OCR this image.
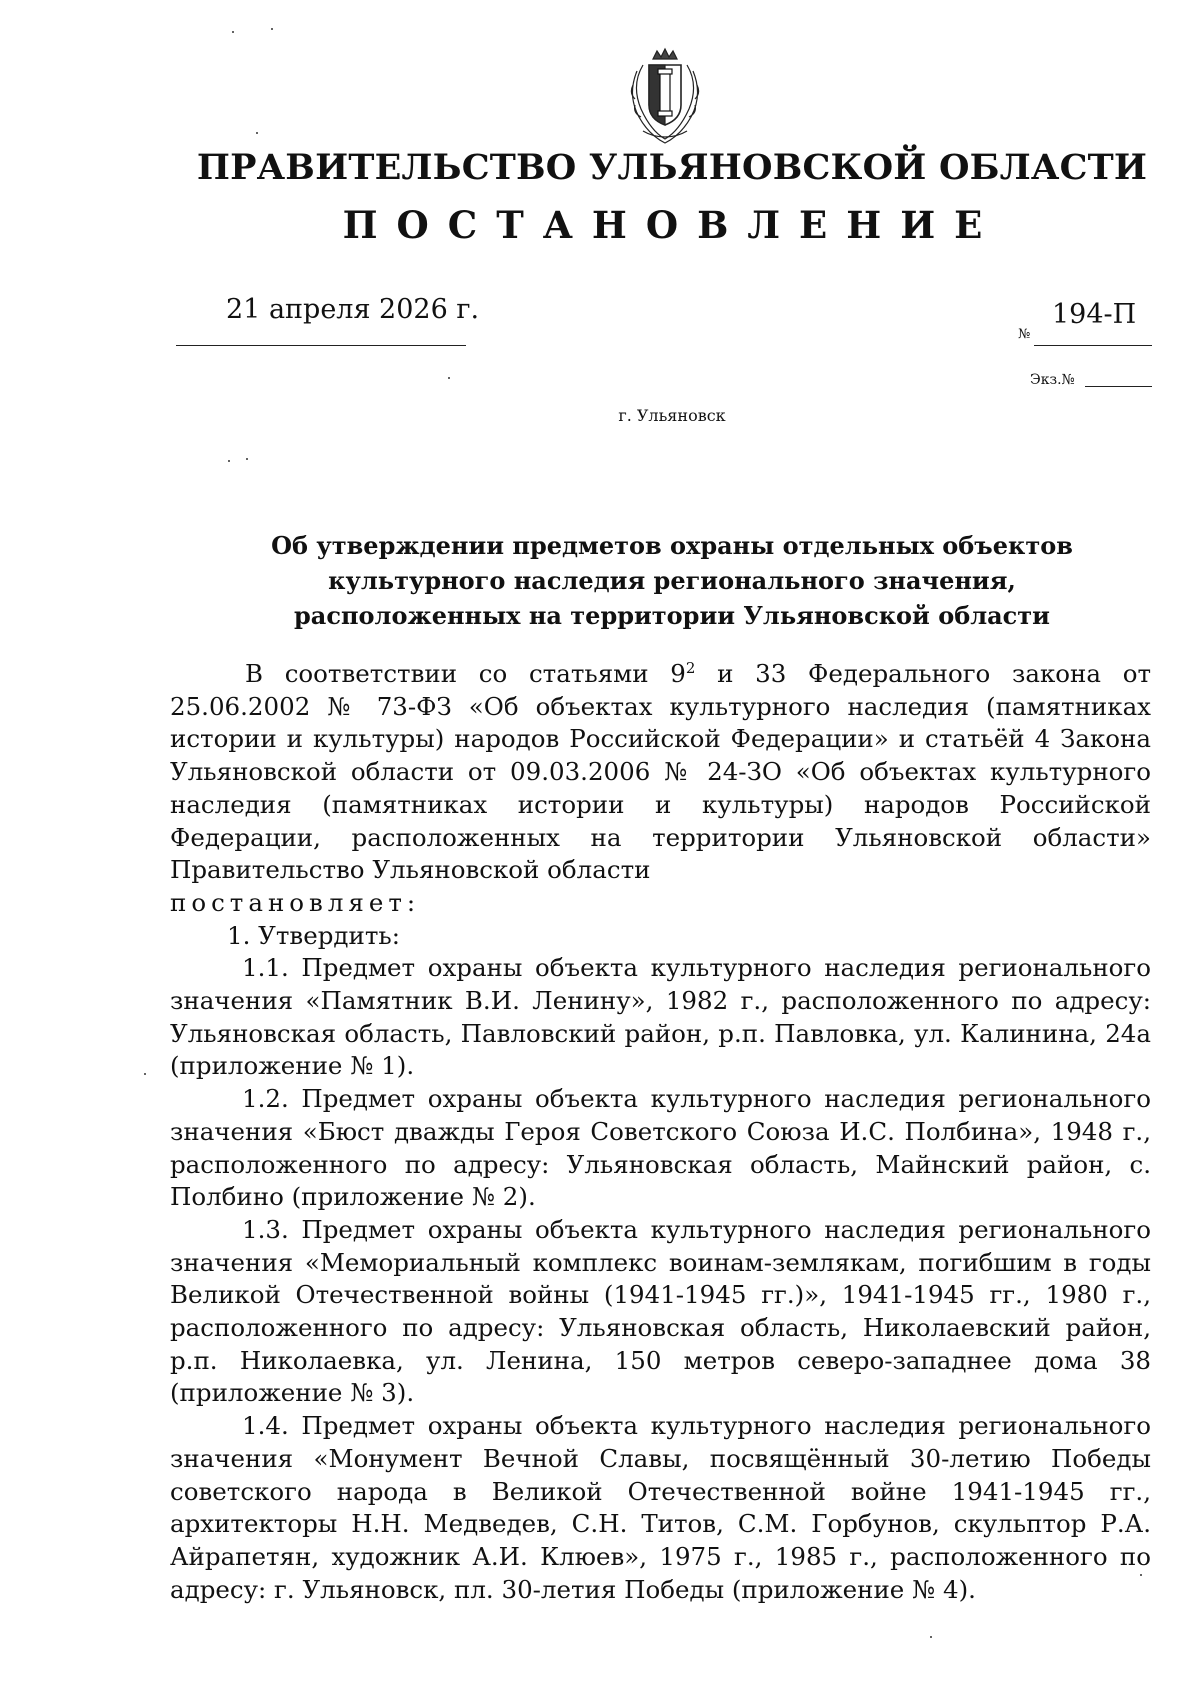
ПРАВИТЕЛЬСТВО УЛЬЯНОВСКОЙ ОБЛАСТИ
ПОСТАНОВЛЕНИЕ
21 апреля 2026 г.
№
194-П
Экз.№
г. Ульяновск
Об утверждении предметов охраны отдельных объектов
культурного наследия регионального значения,
расположенных на территории Ульяновской области

В соответствии со статьями $9^2$ и 33 Федерального закона от 25.06.2002 № 73-ФЗ «Об объектах культурного наследия (памятниках истории и культуры) народов Российской Федерации» и статьёй 4 Закона Ульяновской области от 09.03.2006 № 24-ЗО «Об объектах культурного наследия (памятниках истории и культуры) народов Российской Федерации, расположенных на территории Ульяновской области» Правительство Ульяновской области

постановляет:

1. Утвердить:

1.1. Предмет охраны объекта культурного наследия регионального значения «Памятник В.И. Ленину», 1982 г., расположенного по адресу: Ульяновская область, Павловский район, р.п. Павловка, ул. Калинина, 24а (приложение № 1).

1.2. Предмет охраны объекта культурного наследия регионального значения «Бюст дважды Героя Советского Союза И.С. Полбина», 1948 г., расположенного по адресу: Ульяновская область, Майнский район, с. Полбино (приложение № 2).

1.3. Предмет охраны объекта культурного наследия регионального значения «Мемориальный комплекс воинам-землякам, погибшим в годы Великой Отечественной войны (1941-1945 гг.)», 1941-1945 гг., 1980 г., расположенного по адресу: Ульяновская область, Николаевский район, р.п. Николаевка, ул. Ленина, 150 метров северо-западнее дома 38 (приложение № 3).

1.4. Предмет охраны объекта культурного наследия регионального значения «Монумент Вечной Славы, посвящённый 30-летию Победы советского народа в Великой Отечественной войне 1941-1945 гг., архитекторы Н.Н. Медведев, С.Н. Титов, С.М. Горбунов, скульптор Р.А. Айрапетян, художник А.И. Клюев», 1975 г., 1985 г., расположенного по адресу: г. Ульяновск, пл. 30-летия Победы (приложение № 4).
